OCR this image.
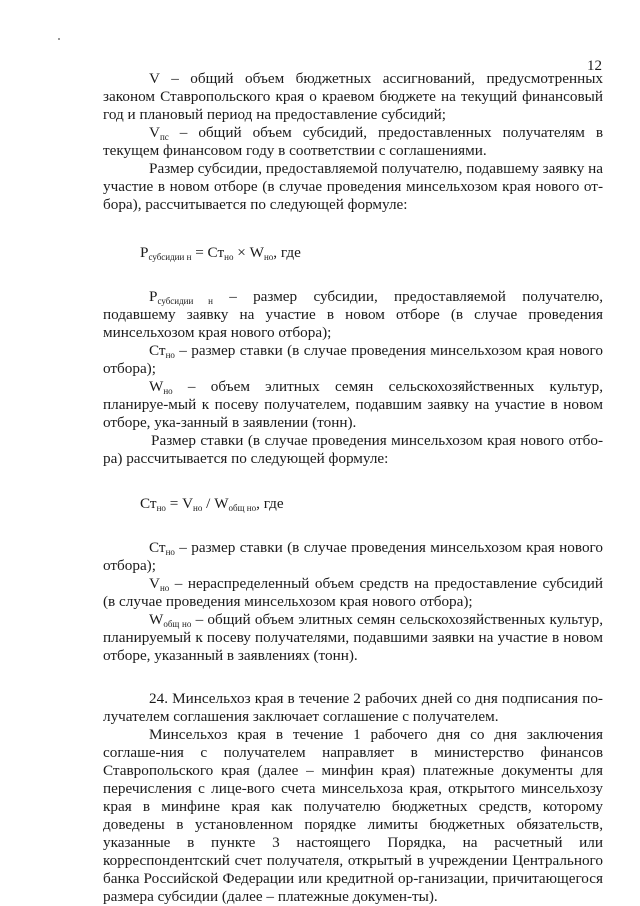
12

V – общий объем бюджетных ассигнований, предусмотренных законом Ставропольского края о краевом бюджете на текущий финансовый год и плановый период на предоставление субсидий;

$V_{пс}$ – общий объем субсидий, предоставленных получателям в текущем финансовом году в соответствии с соглашениями.

Размер субсидии, предоставляемой получателю, подавшему заявку на участие в новом отборе (в случае проведения минсельхозом края нового от-бора), рассчитывается по следующей формуле:

$Р_{субсидии н} = Ст_{но} \times W_{но}$, где

$Р_{субсидии н}$ – размер субсидии, предоставляемой получателю, подавшему заявку на участие в новом отборе (в случае проведения минсельхозом края нового отбора);

$Ст_{но}$ – размер ставки (в случае проведения минсельхозом края нового отбора);

$W_{но}$ – объем элитных семян сельскохозяйственных культур, планируе-мый к посеву получателем, подавшим заявку на участие в новом отборе, ука-занный в заявлении (тонн).

Размер ставки (в случае проведения минсельхозом края нового отбо-ра) рассчитывается по следующей формуле:

$Ст_{но} = V_{но} / W_{общ но}$, где

$Ст_{но}$ – размер ставки (в случае проведения минсельхозом края нового отбора);

$V_{но}$ – нераспределенный объем средств на предоставление субсидий (в случае проведения минсельхозом края нового отбора);

$W_{общ но}$ – общий объем элитных семян сельскохозяйственных культур, планируемый к посеву получателями, подавшими заявки на участие в новом отборе, указанный в заявлениях (тонн).

24. Минсельхоз края в течение 2 рабочих дней со дня подписания по-лучателем соглашения заключает соглашение с получателем.

Минсельхоз края в течение 1 рабочего дня со дня заключения соглаше-ния с получателем направляет в министерство финансов Ставропольского края (далее – минфин края) платежные документы для перечисления с лице-вого счета минсельхоза края, открытого минсельхозу края в минфине края как получателю бюджетных средств, которому доведены в установленном порядке лимиты бюджетных обязательств, указанные в пункте 3 настоящего Порядка, на расчетный или корреспондентский счет получателя, открытый в учреждении Центрального банка Российской Федерации или кредитной ор-ганизации, причитающегося размера субсидии (далее – платежные докумен-ты).
